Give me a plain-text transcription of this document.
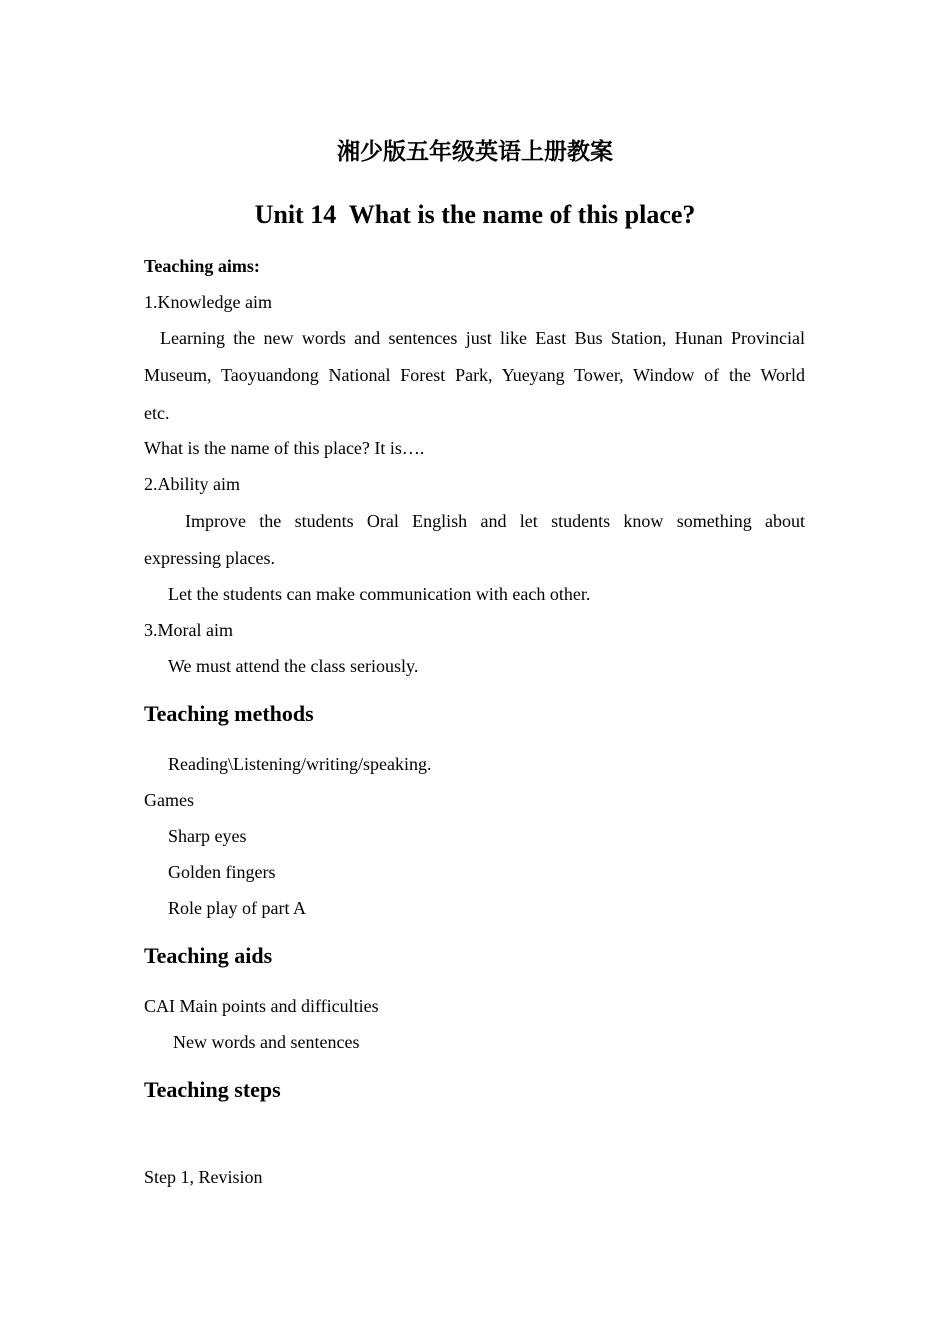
湘少版五年级英语上册教案
Unit 14  What is the name of this place?
Teaching aims:
1.Knowledge aim
Learning the new words and sentences just like East Bus Station, Hunan Provincial
Museum, Taoyuandong National Forest Park, Yueyang Tower, Window of the World
etc.
What is the name of this place? It is….
2.Ability aim
Improve the students Oral English and let students know something about
expressing places.
Let the students can make communication with each other.
3.Moral aim
We must attend the class seriously.
Teaching methods
Reading\Listening/writing/speaking.
Games
Sharp eyes
Golden fingers
Role play of part A
Teaching aids
CAI Main points and difficulties
New words and sentences
Teaching steps
Step 1, Revision
